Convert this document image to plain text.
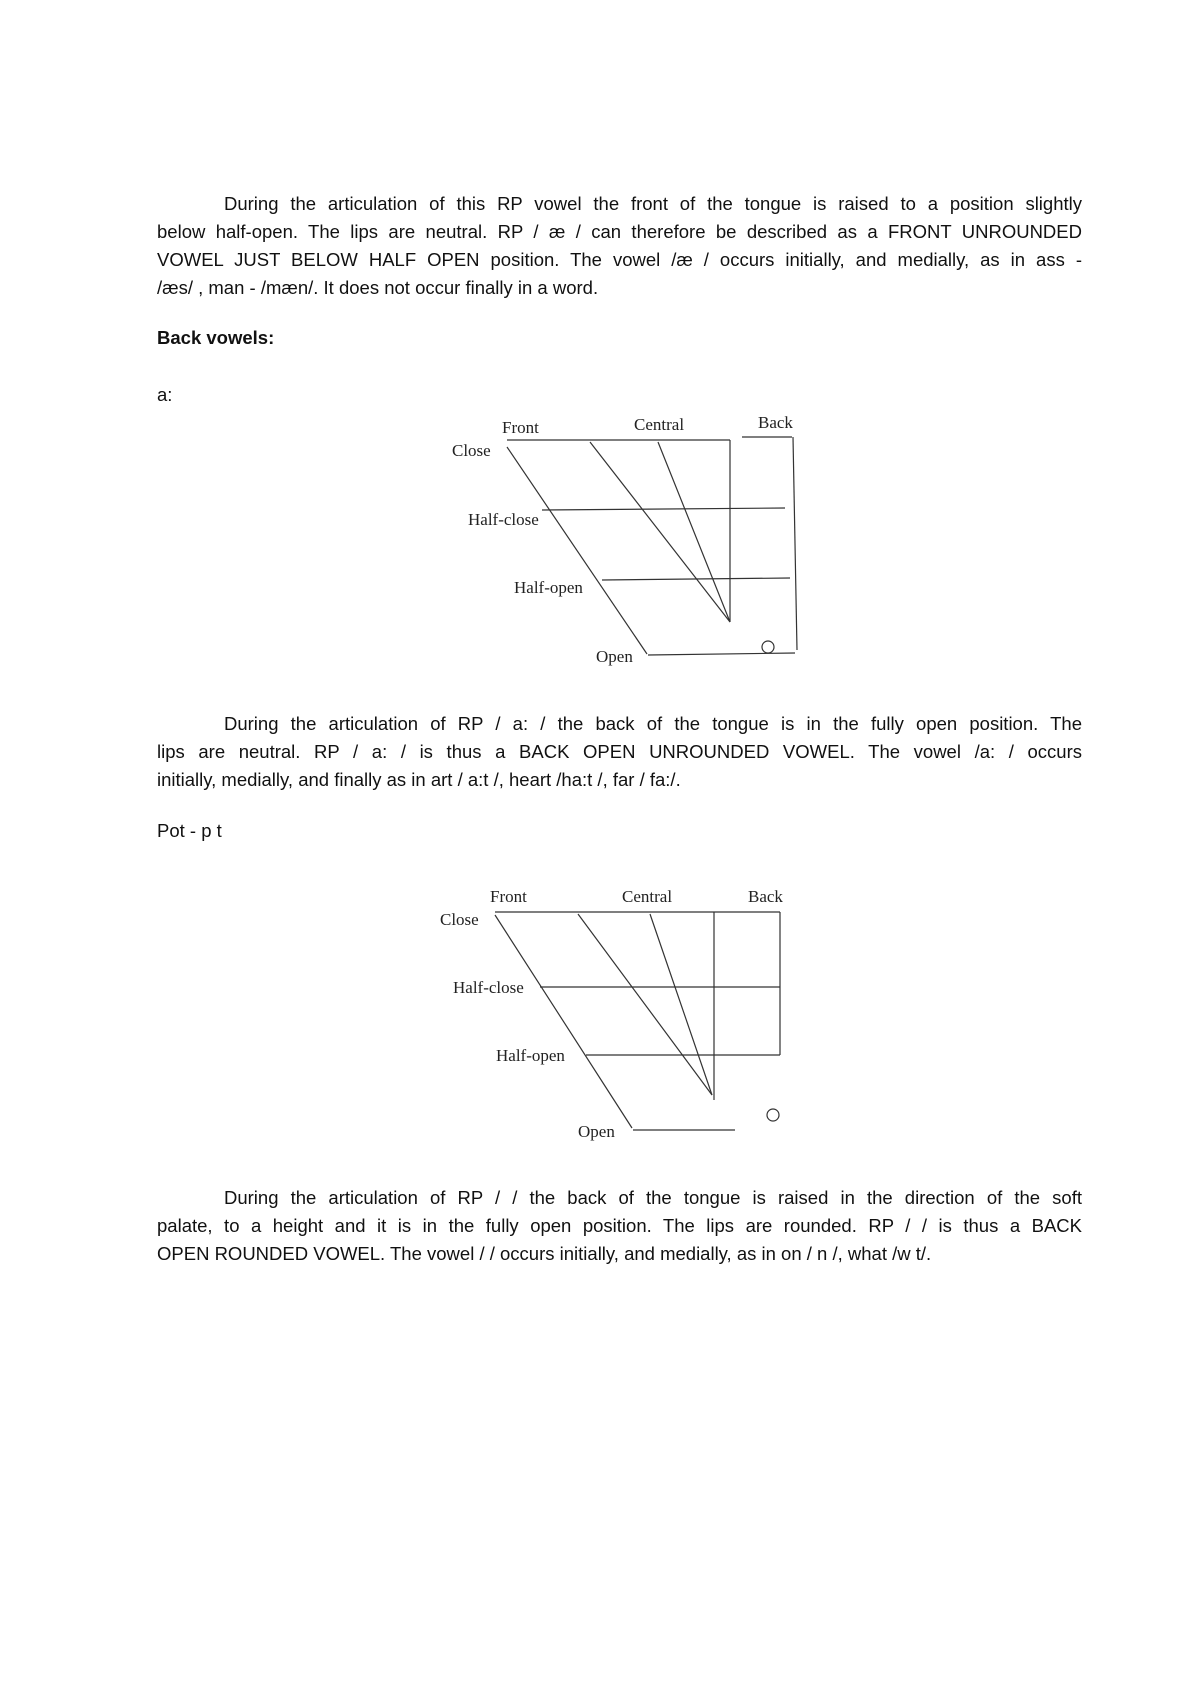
During the articulation of this RP vowel the front of the tongue is raised to a position slightly
below half-open. The lips are neutral. RP / æ / can therefore be described as a FRONT UNROUNDED
VOWEL JUST BELOW HALF OPEN position. The vowel /æ / occurs initially, and medially, as in ass -
/æs/ , man - /mæn/. It does not occur finally in a word.
Back vowels:
a:
Front	Central	Back
Close
Half-close
Half-open
Open
During the articulation of RP / a: / the back of the tongue is in the fully open position. The
lips are neutral. RP / a: / is thus a BACK OPEN UNROUNDED VOWEL. The vowel /a: / occurs
initially, medially, and finally as in art / a:t /, heart /ha:t /, far / fa:/.
Pot - p t
Front	Central	Back
Close
Half-close
Half-open
Open
During the articulation of RP / / the back of the tongue is raised in the direction of the soft
palate, to a height and it is in the fully open position. The lips are rounded. RP / / is thus a BACK
OPEN ROUNDED VOWEL. The vowel / / occurs initially, and medially, as in on / n /, what /w t/.
